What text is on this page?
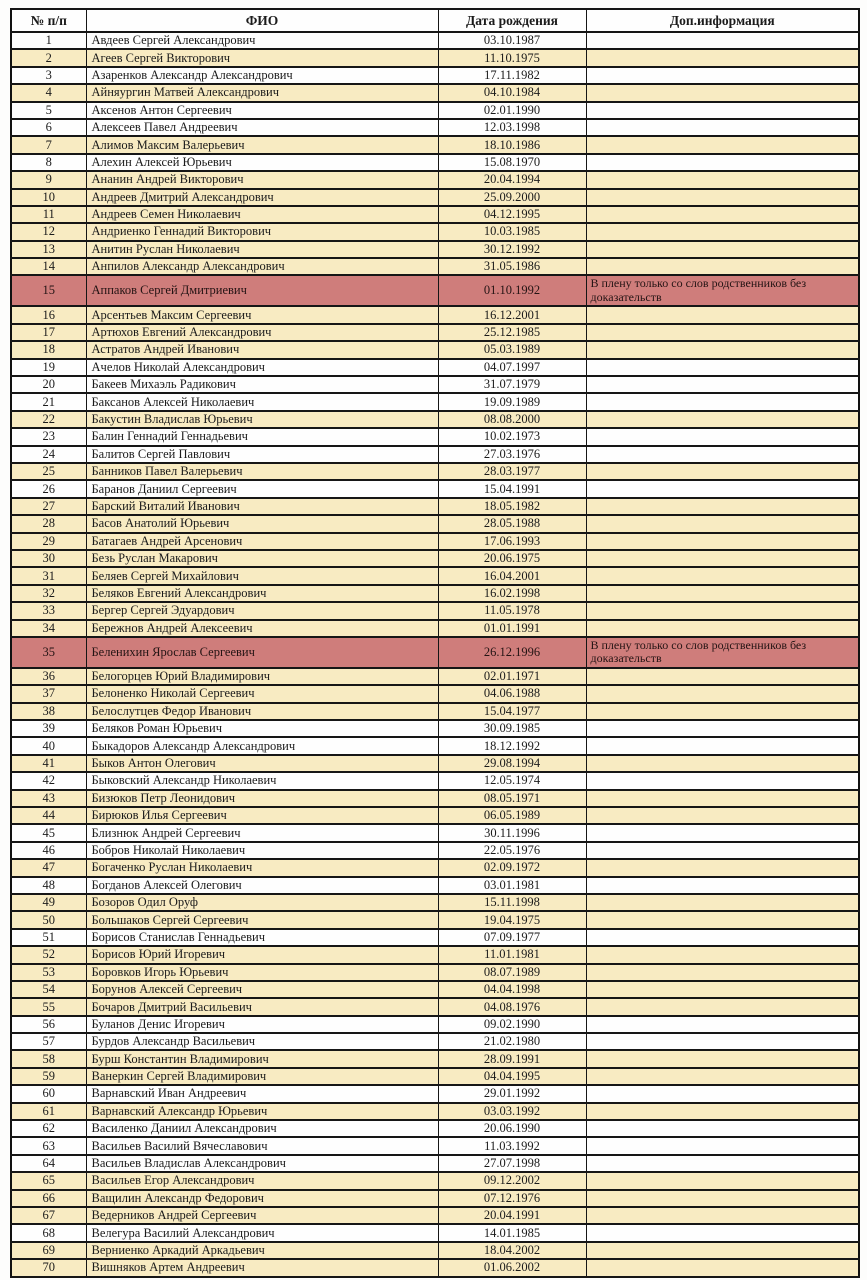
№ п/п	ФИО	Дата рождения	Доп.информация
1	Авдеев Сергей Александрович	03.10.1987	
2	Агеев Сергей Викторович	11.10.1975	
3	Азаренков Александр Александрович	17.11.1982	
4	Айняургин Матвей Александрович	04.10.1984	
5	Аксенов Антон Сергеевич	02.01.1990	
6	Алексеев Павел Андреевич	12.03.1998	
7	Алимов Максим Валерьевич	18.10.1986	
8	Алехин Алексей Юрьевич	15.08.1970	
9	Ананин Андрей Викторович	20.04.1994	
10	Андреев Дмитрий Александрович	25.09.2000	
11	Андреев Семен Николаевич	04.12.1995	
12	Андриенко Геннадий Викторович	10.03.1985	
13	Анитин Руслан Николаевич	30.12.1992	
14	Анпилов Александр Александрович	31.05.1986	
15	Аппаков Сергей Дмитриевич	01.10.1992	В плену только со слов родственников без доказательств
16	Арсентьев Максим Сергеевич	16.12.2001	
17	Артюхов Евгений Александрович	25.12.1985	
18	Астратов Андрей Иванович	05.03.1989	
19	Ачелов Николай Александрович	04.07.1997	
20	Бакеев Михаэль Радикович	31.07.1979	
21	Баксанов Алексей Николаевич	19.09.1989	
22	Бакустин Владислав Юрьевич	08.08.2000	
23	Балин Геннадий Геннадьевич	10.02.1973	
24	Балитов Сергей Павлович	27.03.1976	
25	Банников Павел Валерьевич	28.03.1977	
26	Баранов Даниил Сергеевич	15.04.1991	
27	Барский Виталий Иванович	18.05.1982	
28	Басов Анатолий Юрьевич	28.05.1988	
29	Батагаев Андрей Арсенович	17.06.1993	
30	Безь Руслан Макарович	20.06.1975	
31	Беляев Сергей Михайлович	16.04.2001	
32	Беляков Евгений Александрович	16.02.1998	
33	Бергер Сергей Эдуардович	11.05.1978	
34	Бережнов Андрей Алексеевич	01.01.1991	
35	Беленихин Ярослав Сергеевич	26.12.1996	В плену только со слов родственников без доказательств
36	Белогорцев Юрий Владимирович	02.01.1971	
37	Белоненко Николай Сергеевич	04.06.1988	
38	Белослутцев Федор Иванович	15.04.1977	
39	Беляков Роман Юрьевич	30.09.1985	
40	Быкадоров Александр Александрович	18.12.1992	
41	Быков Антон Олегович	29.08.1994	
42	Быковский Александр Николаевич	12.05.1974	
43	Бизюков Петр Леонидович	08.05.1971	
44	Бирюков Илья Сергеевич	06.05.1989	
45	Близнюк Андрей Сергеевич	30.11.1996	
46	Бобров Николай Николаевич	22.05.1976	
47	Богаченко Руслан Николаевич	02.09.1972	
48	Богданов Алексей Олегович	03.01.1981	
49	Бозоров Одил Оруф	15.11.1998	
50	Большаков Сергей Сергеевич	19.04.1975	
51	Борисов Станислав Геннадьевич	07.09.1977	
52	Борисов Юрий Игоревич	11.01.1981	
53	Боровков Игорь Юрьевич	08.07.1989	
54	Борунов Алексей Сергеевич	04.04.1998	
55	Бочаров Дмитрий Васильевич	04.08.1976	
56	Буланов Денис Игоревич	09.02.1990	
57	Бурдов Александр Васильевич	21.02.1980	
58	Бурш Константин Владимирович	28.09.1991	
59	Ванеркин Сергей Владимирович	04.04.1995	
60	Варнавский Иван Андреевич	29.01.1992	
61	Варнавский Александр Юрьевич	03.03.1992	
62	Василенко Даниил Александрович	20.06.1990	
63	Васильев Василий Вячеславович	11.03.1992	
64	Васильев Владислав Александрович	27.07.1998	
65	Васильев Егор Александрович	09.12.2002	
66	Ващилин Александр Федорович	07.12.1976	
67	Ведерников Андрей Сергеевич	20.04.1991	
68	Велегура Василий Александрович	14.01.1985	
69	Верниенко Аркадий Аркадьевич	18.04.2002	
70	Вишняков Артем Андреевич	01.06.2002	
